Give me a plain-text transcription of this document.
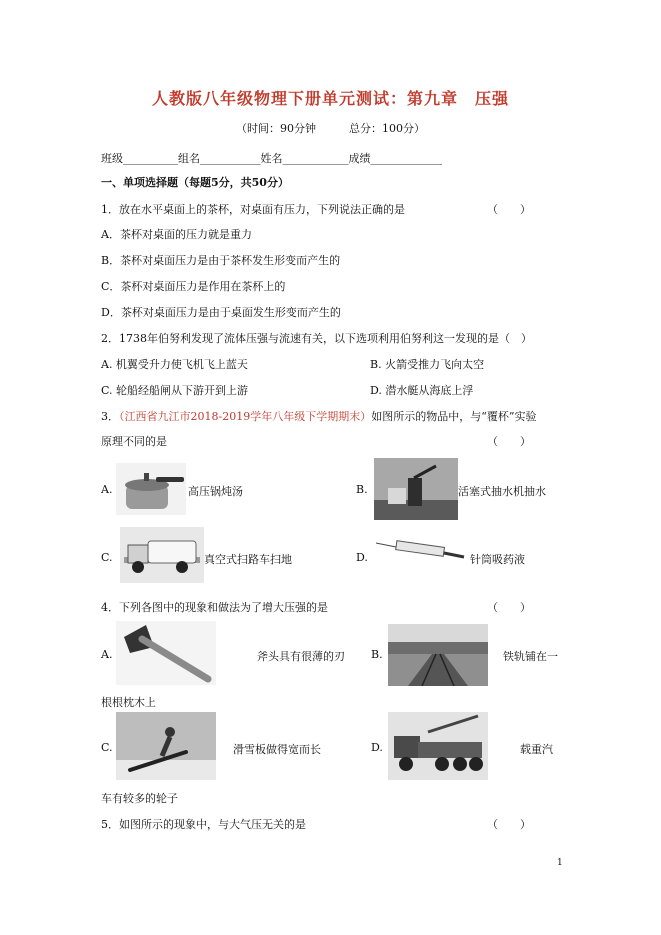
人教版八年级物理下册单元测试：第九章　压强
（时间：90分钟　　　总分：100分）
班级__________组名___________姓名____________成绩_____________
一、单项选择题（每题5分，共50分）
1．放在水平桌面上的茶杯，对桌面有压力，下列说法正确的是	（　　）
A．茶杯对桌面的压力就是重力
B．茶杯对桌面压力是由于茶杯发生形变而产生的
C．茶杯对桌面压力是作用在茶杯上的
D．茶杯对桌面压力是由于桌面发生形变而产生的
2．1738年伯努利发现了流体压强与流速有关，以下选项利用伯努利这一发现的是（　）
A. 机翼受升力使飞机飞上蓝天	B. 火箭受推力飞向太空
C. 轮船经船闸从下游开到上游	D. 潜水艇从海底上浮
3．（江西省九江市2018-2019学年八年级下学期期末）如图所示的物品中，与“覆杯”实验
原理不同的是	（　　）
A.	高压锅炖汤	B.	活塞式抽水机抽水
C.	真空式扫路车扫地	D.	针筒吸药液
4．下列各图中的现象和做法为了增大压强的是	（　　）
A.	斧头具有很薄的刃 B.	铁轨铺在一
根根枕木上
C.	滑雪板做得宽而长	D.	载重汽
车有较多的轮子
5．如图所示的现象中，与大气压无关的是	（　　）
1
